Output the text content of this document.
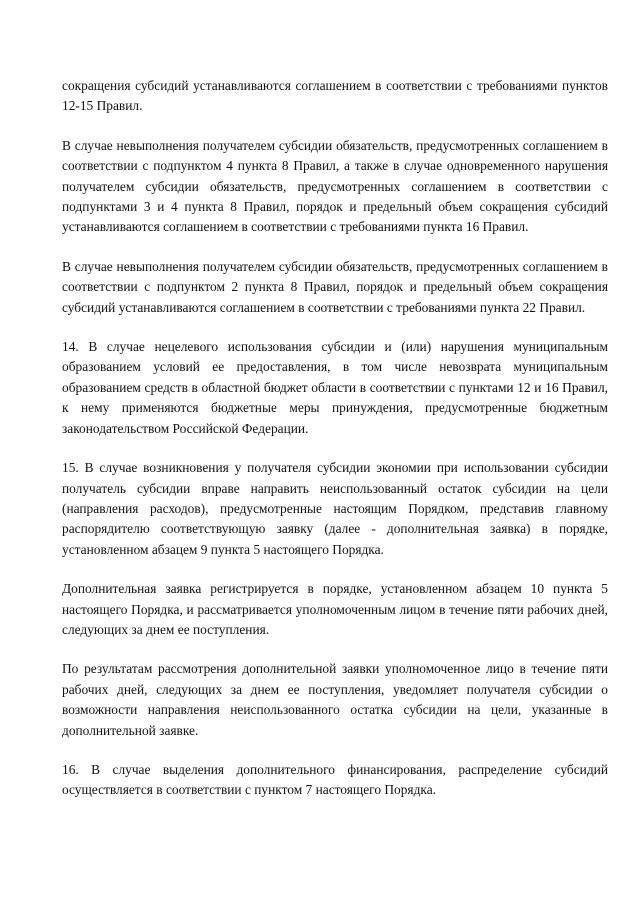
сокращения субсидий устанавливаются соглашением в соответствии с требованиями пунктов 12-15 Правил.

В случае невыполнения получателем субсидии обязательств, предусмотренных соглашением в соответствии с подпунктом 4 пункта 8 Правил, а также в случае одновременного нарушения получателем субсидии обязательств, предусмотренных соглашением в соответствии с подпунктами 3 и 4 пункта 8 Правил, порядок и предельный объем сокращения субсидий устанавливаются соглашением в соответствии с требованиями пункта 16 Правил.

В случае невыполнения получателем субсидии обязательств, предусмотренных соглашением в соответствии с подпунктом 2 пункта 8 Правил, порядок и предельный объем сокращения субсидий устанавливаются соглашением в соответствии с требованиями пункта 22 Правил.

14. В случае нецелевого использования субсидии и (или) нарушения муниципальным образованием условий ее предоставления, в том числе невозврата муниципальным образованием средств в областной бюджет области в соответствии с пунктами 12 и 16 Правил, к нему применяются бюджетные меры принуждения, предусмотренные бюджетным законодательством Российской Федерации.

15. В случае возникновения у получателя субсидии экономии при использовании субсидии получатель субсидии вправе направить неиспользованный остаток субсидии на цели (направления расходов), предусмотренные настоящим Порядком, представив главному распорядителю соответствующую заявку (далее - дополнительная заявка) в порядке, установленном абзацем 9 пункта 5 настоящего Порядка.

Дополнительная заявка регистрируется в порядке, установленном абзацем 10 пункта 5 настоящего Порядка, и рассматривается уполномоченным лицом в течение пяти рабочих дней, следующих за днем ее поступления.

По результатам рассмотрения дополнительной заявки уполномоченное лицо в течение пяти рабочих дней, следующих за днем ее поступления, уведомляет получателя субсидии о возможности направления неиспользованного остатка субсидии на цели, указанные в дополнительной заявке.

16. В случае выделения дополнительного финансирования, распределение субсидий осуществляется в соответствии с пунктом 7 настоящего Порядка.
